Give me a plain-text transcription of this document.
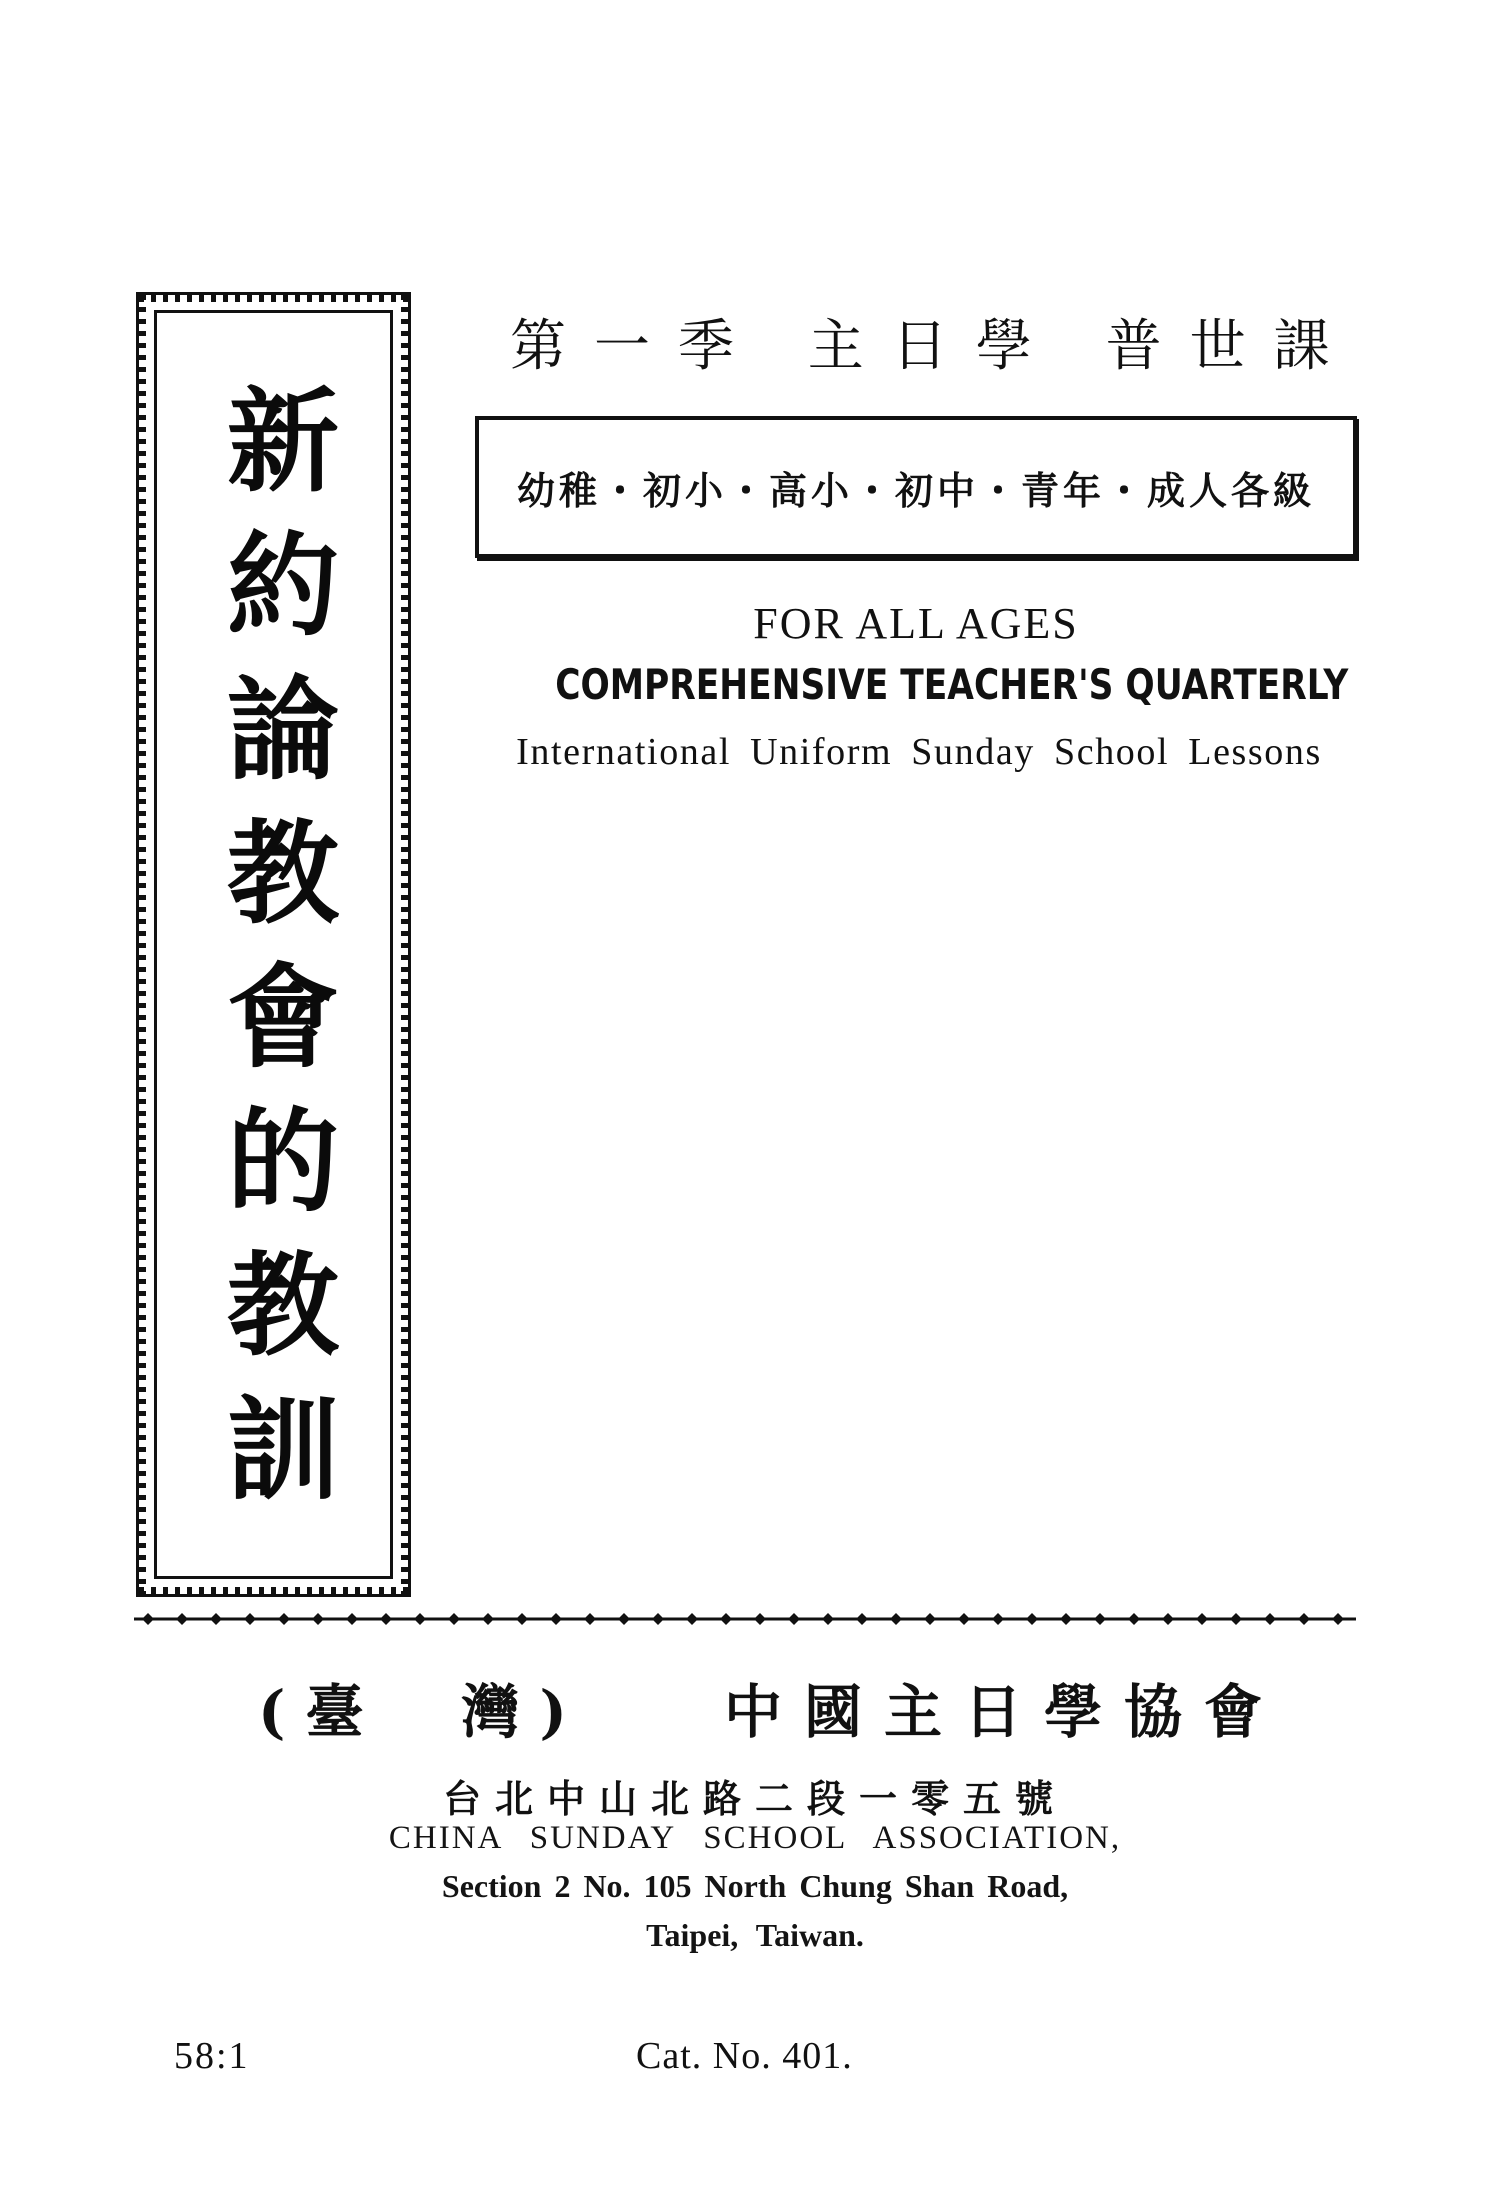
新約論教會的教訓
第一季 主日學 普世課
幼稚・初小・高小・初中・青年・成人各級
FOR ALL AGES
COMPREHENSIVE TEACHER'S QUARTERLY
International Uniform Sunday School Lessons
(臺　灣) 中國主日學協會
台北中山北路二段一零五號
CHINA SUNDAY SCHOOL ASSOCIATION,
Section 2 No. 105 North Chung Shan Road,
Taipei, Taiwan.
58:1	Cat. No. 401.
